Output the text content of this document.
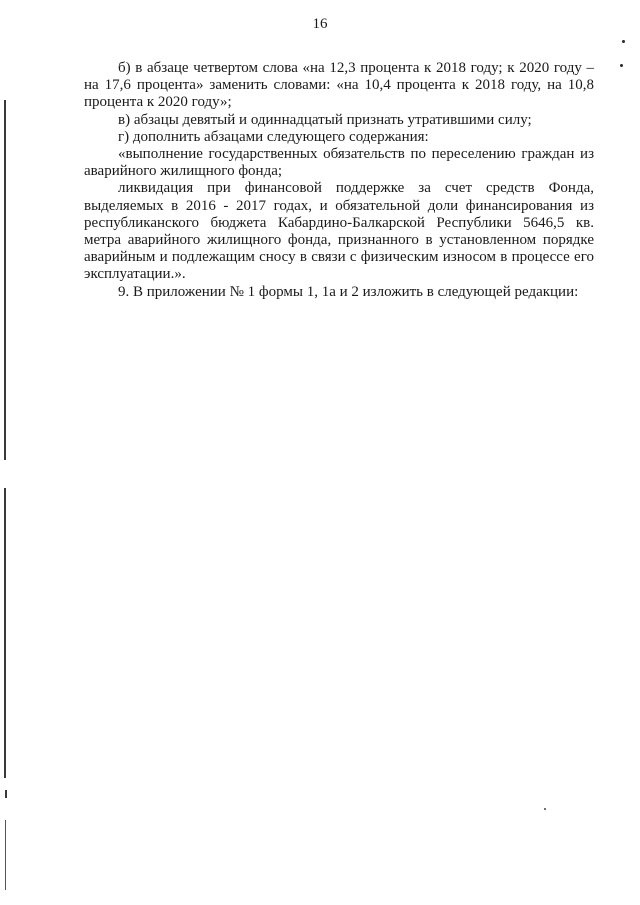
16

б) в абзаце четвертом слова «на 12,3 процента к 2018 году; к 2020 году – на 17,6 процента» заменить словами: «на 10,4 процента к 2018 году, на 10,8 процента к 2020 году»;

в) абзацы девятый и одиннадцатый признать утратившими силу;

г) дополнить абзацами следующего содержания:

«выполнение государственных обязательств по переселению граждан из аварийного жилищного фонда;

ликвидация при финансовой поддержке за счет средств Фонда, выделяемых в 2016 - 2017 годах, и обязательной доли финансирования из республиканского бюджета Кабардино-Балкарской Республики 5646,5 кв. метра аварийного жилищного фонда, признанного в установленном порядке аварийным и подлежащим сносу в связи с физическим износом в процессе его эксплуатации.».

9. В приложении № 1 формы 1, 1а и 2 изложить в следующей редакции:
